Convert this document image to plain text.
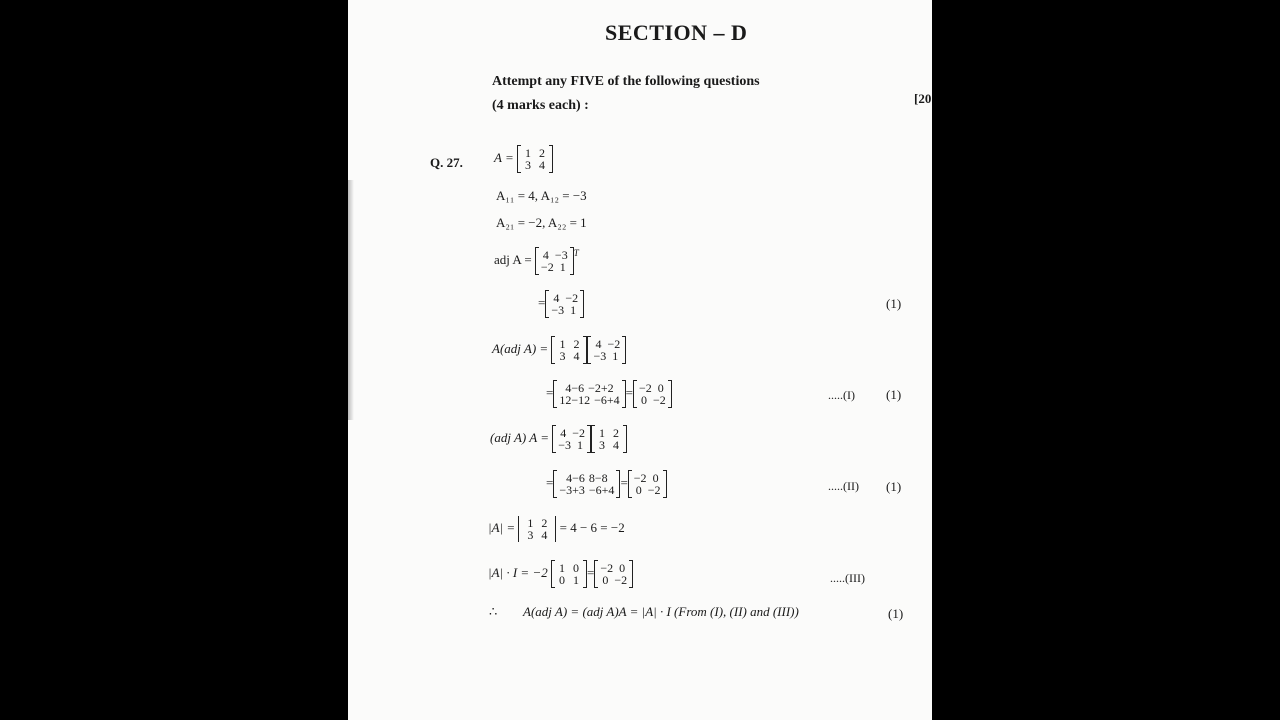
SECTION – D
Attempt any FIVE of the following questions
(4 marks each) :	[20
Q. 27. A = 1 2
3 4
A₁₁ = 4, A₁₂ = −3
A₂₁ = −2, A₂₂ = 1
adj A = 4 −3
−2 1
$^T$
= 4 −2
−3 1	(1)
A(adj A) = 1 2
3 4
4 −2
−3 1
=	4−6 −2+2
12−12 −6+4
= −2 0
0 −2	.....(I) (1)
(adj A) A = 4 −2
−3 1
1 2
3 4
=	4−6 8−8
−3+3 −6+4
= −2 0
0 −2	.....(II) (1)
|A| =	1 2
3 4
= 4 − 6 = −2
|A| · I = −2 1 0
0 1
= −2 0
0 −2	.....(III)
∴ A(adj A) = (adj A)A = |A| · I (From (I), (II) and (III))	(1)
